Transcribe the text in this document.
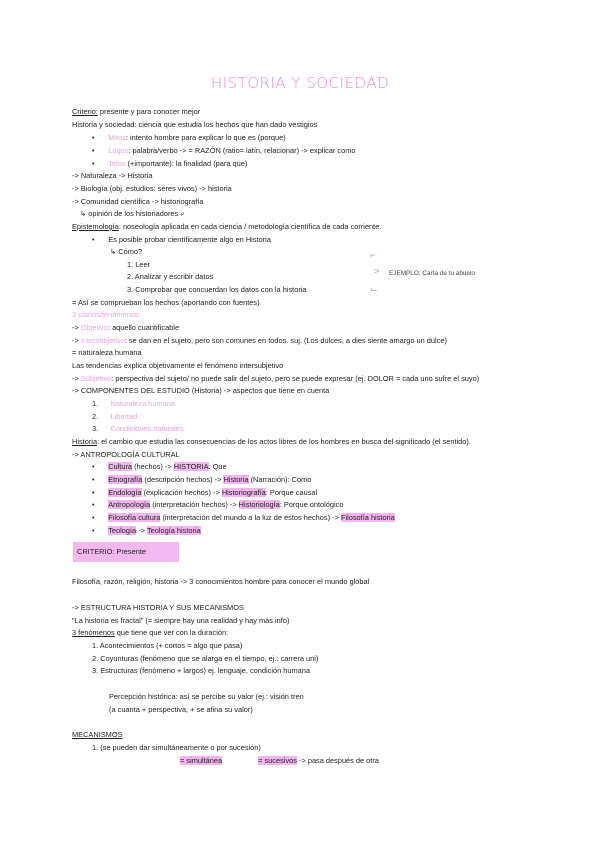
HISTORIA Y SOCIEDAD
Criterio: presente y para conocer mejor
Historia y sociedad: ciencia que estudia los hechos que han dado vestigios
• Mitos: intento hombre para explicar lo que es (porque)
• Logos: palabra/verbo -> = RAZÓN (ratio= latín, relacionar) -> explicar como
• Telos (+importante): la finalidad (para que)
-> Naturaleza -> Historia
-> Biología (obj. estudios: seres vivos) -> historia
-> Comunidad científica -> historiografía
↳ opinión de los historiadores ⤶
Epistemología: noseología aplicada en cada ciencia / metodología científica de cada corriente.
• Es posible probar científicamente algo en Historia
↳ Cómo?
1. Leer
2. Analizar y escribir datos
3. Comprobar que concuerdan los datos con la historia
⌐
>
⌙
EJEMPLO: Carta de tu abuelo
= Así se comprueban los hechos (aportando con fuentes)
3 planos/fenómenos:
-> Objetivo: aquello cuantificable
-> Intersubjetivo: se dan en el sujeto, pero son comunes en todos. suj. (Los dulces, a dies siente amargo un dulce)
= naturaleza humana
Las tendencias explica objetivamente el fenómeno intersubjetivo
-> Subjetivo: perspectiva del sujeto/ no puede salir del sujeto, pero se puede expresar (ej. DOLOR = cada uno sufre el suyo)
-> COMPONENTES DEL ESTUDIO (Historia) -> aspectos que tiene en cuenta
1.      Naturaleza humana
2.      Libertad
3.      Condiciones naturales
Historia: el cambio que estudia las consecuencias de los actos libres de los hombres en busca del significado (el sentido).
-> ANTROPOLOGÍA CULTURAL
• Cultura (hechos) -> HISTORIA: Que
• Etnografía (descripción hechos) -> Historia (Narración): Como
• Endología (explicación hechos) -> Historiografía: Porque causal
• Antropología (interpretación hechos) -> Historiología: Porque ontológico
• Filosofía cultura (interpretación del mundo a la luz de estos hechos) -> Filosofía historia
• Teología -> Teología historia
CRITERIO: Presente
Filosofía, razón, religión, historia -> 3 conocimientos hombre para conocer el mundo global
-> ESTRUCTURA HISTORIA Y SUS MECANISMOS
"La historia es fractal" (= siempre hay una realidad y hay más info)
3 fenómenos que tiene que ver con la duración:
1. Acontecimientos (+ cortos = algo que pasa)
2. Coyunturas (fenómeno que se alarga en el tiempo, ej.: carrera uni)
3. Estructuras (fenómeno + largos) ej. lenguaje, condición humana
Percepción histórica: así se percibe su valor (ej.: visión tren
(a cuanta + perspectiva, + se afina su valor)
MECANISMOS
1. (se pueden dar simultáneamente o por sucesión)
= simultánea	= sucesivos -> pasa después de otra
